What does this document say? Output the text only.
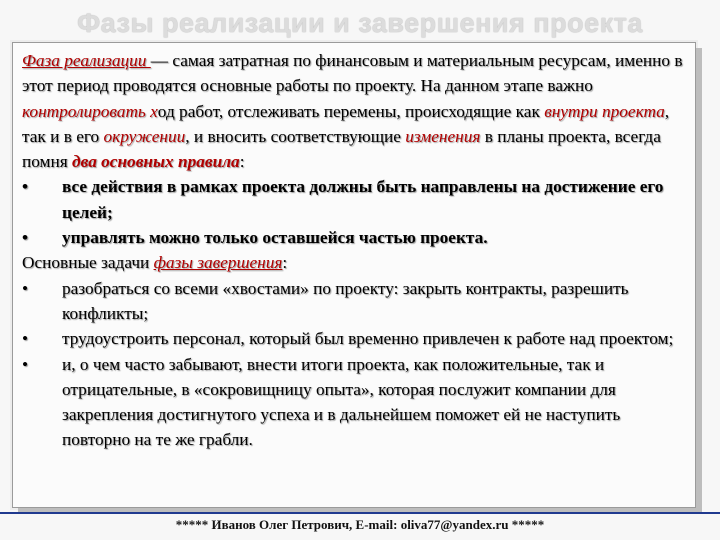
Фазы реализации и завершения проекта

Фаза реализации — самая затратная по финансовым и материальным ресурсам, именно в этот период проводятся основные работы по проекту. На данном этапе важно контролировать ход работ, отслеживать перемены, происходящие как внутри проекта, так и в его окружении, и вносить соответствующие изменения в планы проекта, всегда помня два основных правила:

•	все действия в рамках проекта должны быть направлены на достижение его целей;

•	управлять можно только оставшейся частью проекта.

Основные задачи фазы завершения:

•	разобраться со всеми «хвостами» по проекту: закрыть контракты, разрешить конфликты;

•	трудоустроить персонал, который был временно привлечен к работе над проектом;

•	и, о чем часто забывают, внести итоги проекта, как положительные, так и отрицательные, в «сокровищницу опыта», которая послужит компании для закрепления достигнутого успеха и в дальнейшем поможет ей не наступить повторно на те же грабли.

***** Иванов Олег Петрович, E-mail: oliva77@yandex.ru *****
